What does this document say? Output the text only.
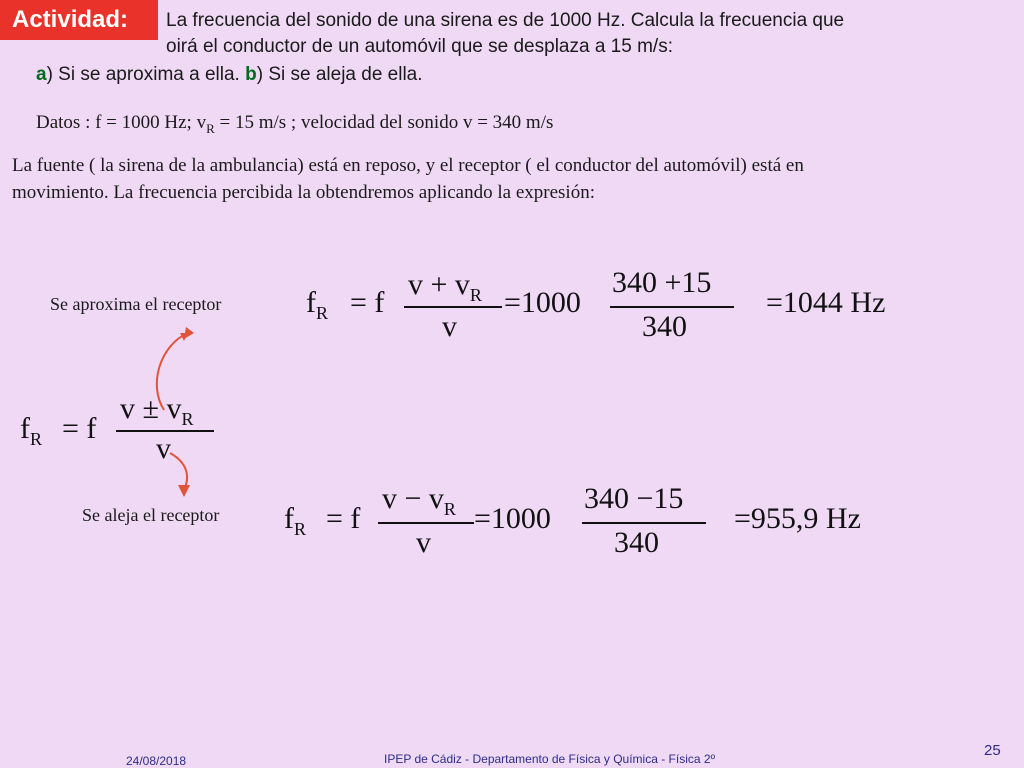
Actividad:	La frecuencia del sonido de una sirena es de 1000 Hz. Calcula la frecuencia que
oirá el conductor de un automóvil que se desplaza a 15 m/s:
a) Si se aproxima a ella. b) Si se aleja de ella.
Datos : f = 1000 Hz; $v_R = 15$ m/s ; velocidad del sonido v = 340 m/s
La fuente ( la sirena de la ambulancia) está en reposo, y el receptor ( el conductor del automóvil) está en
movimiento. La frecuencia percibida la obtendremos aplicando la expresión:
Se aproxima el receptor	$f_R = f$
$v + v_R$
v
=1000
340 +15
340
=1044 Hz
$f_R = f$
$v \pm v_R$
v
Se aleja el receptor $f_R = f$
$v - v_R$
v
=1000
340 −15
340
=955,9 Hz
24/08/2018	IPEP de Cádiz - Departamento de Física y Química - Física 2º	25
